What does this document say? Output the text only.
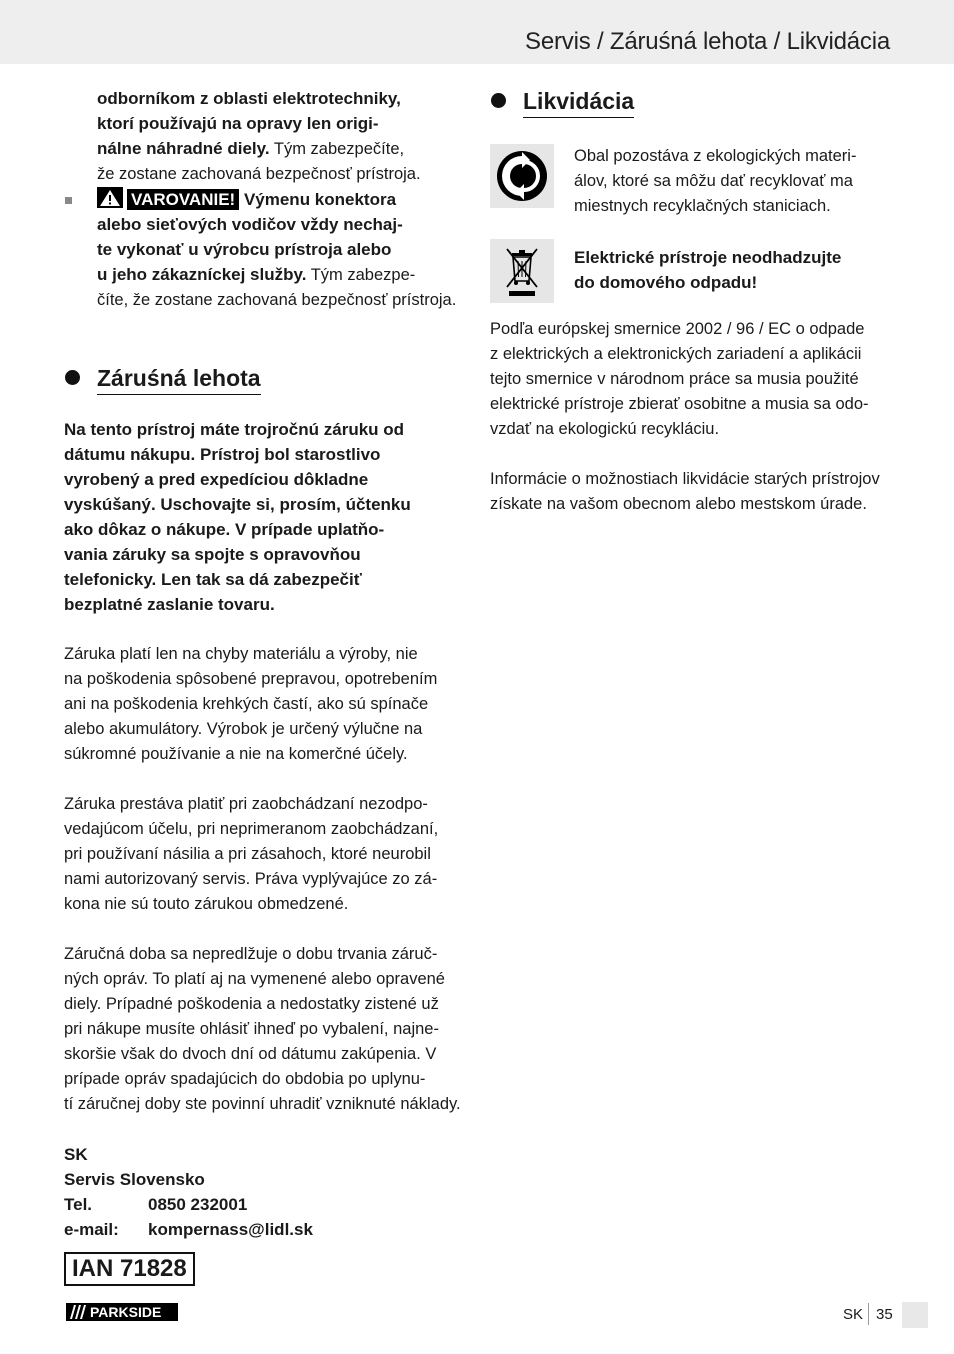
Servis / Záruśná lehota / Likvidácia

odborníkom z oblasti elektrotechniky,

ktorí používajú na opravy len origi-

nálne náhradné diely. Tým zabezpečíte,

že zostane zachovaná bezpečnosť prístroja.

VAROVANIE! Výmenu konektora

alebo sieťových vodičov vždy nechaj-

te vykonať u výrobcu prístroja alebo

u jeho zákazníckej služby. Tým zabezpe-

číte, že zostane zachovaná bezpečnosť prístroja.

Záruśná lehota

Na tento prístroj máte trojročnú záruku od

dátumu nákupu. Prístroj bol starostlivo

vyrobený a pred expedíciou dôkladne

vyskúšaný. Uschovajte si, prosím, účtenku

ako dôkaz o nákupe. V prípade uplatňo-

vania záruky sa spojte s opravovňou

telefonicky. Len tak sa dá zabezpečiť

bezplatné zaslanie tovaru.

Záruka platí len na chyby materiálu a výroby, nie

na poškodenia spôsobené prepravou, opotrebením

ani na poškodenia krehkých častí, ako sú spínače

alebo akumulátory. Výrobok je určený výlučne na

súkromné používanie a nie na komerčné účely.

Záruka prestáva platiť pri zaobchádzaní nezodpo-

vedajúcom účelu, pri neprimeranom zaobchádzaní,

pri používaní násilia a pri zásahoch, ktoré neurobil

nami autorizovaný servis. Práva vyplývajúce zo zá-

kona nie sú touto zárukou obmedzené.

Záručná doba sa nepredlžuje o dobu trvania záruč-

ných opráv. To platí aj na vymenené alebo opravené

diely. Prípadné poškodenia a nedostatky zistené už

pri nákupe musíte ohlásiť ihneď po vybalení, najne-

skoršie však do dvoch dní od dátumu zakúpenia. V

prípade opráv spadajúcich do obdobia po uplynu-

tí záručnej doby ste povinní uhradiť vzniknuté náklady.

SK

Servis Slovensko

Tel.	0850 232001

e-mail:	kompernass@lidl.sk

IAN 71828
Likvidácia

Obal pozostáva z ekologických materi-

álov, ktoré sa môžu dať recyklovať ma

miestnych recyklačných staniciach.

Elektrické prístroje neodhadzujte

do domového odpadu!

Podľa európskej smernice 2002 / 96 / EC o odpade

z elektrických a elektronických zariadení a aplikácii

tejto smernice v národnom práce sa musia použité

elektrické prístroje zbierať osobitne a musia sa odo-

vzdať na ekologickú recykláciu.

Informácie o možnostiach likvidácie starých prístrojov

získate na vašom obecnom alebo mestskom úrade.

PARKSIDE	SK 35
